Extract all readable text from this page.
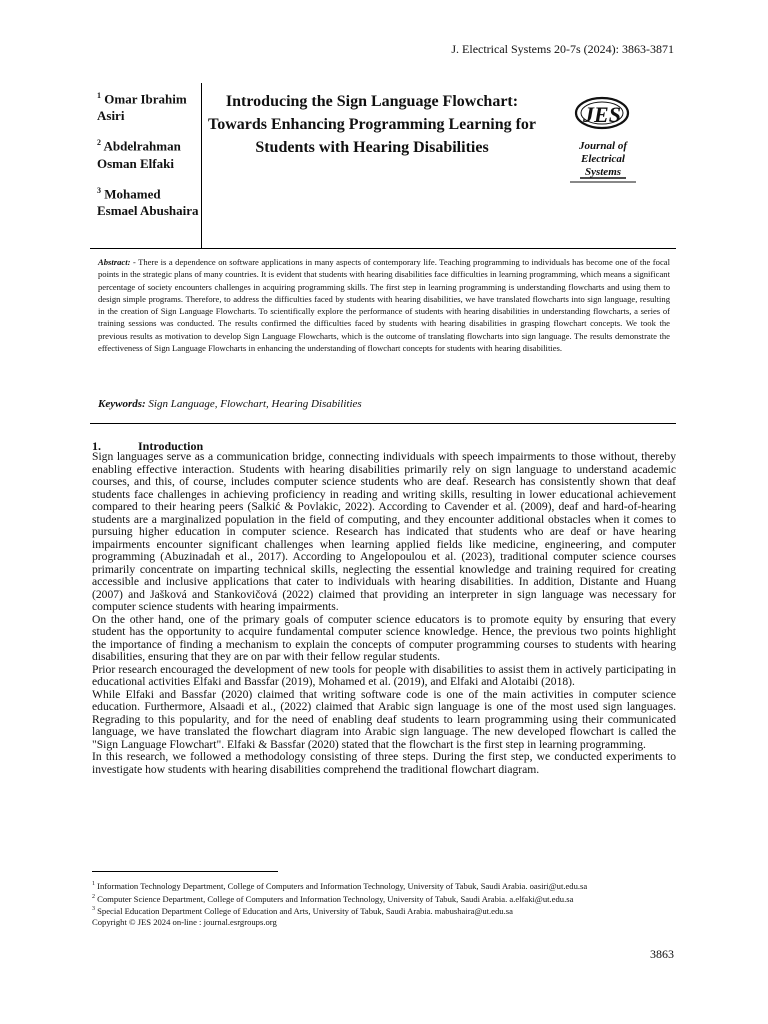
J. Electrical Systems 20-7s (2024): 3863-3871
$^1$ Omar Ibrahim Asiri
$^2$ Abdelrahman Osman Elfaki
$^3$ Mohamed Esmael Abushaira
Introducing the Sign Language Flowchart: Towards Enhancing Programming Learning for Students with Hearing Disabilities
JES
Journal of
Electrical
Systems
Abstract: - There is a dependence on software applications in many aspects of contemporary life. Teaching programming to individuals has become one of the focal points in the strategic plans of many countries. It is evident that students with hearing disabilities face difficulties in learning programming, which means a significant percentage of society encounters challenges in acquiring programming skills. The first step in learning programming is understanding flowcharts and using them to design simple programs. Therefore, to address the difficulties faced by students with hearing disabilities, we have translated flowcharts into sign language, resulting in the creation of Sign Language Flowcharts. To scientifically explore the performance of students with hearing disabilities in understanding flowcharts, a series of training sessions was conducted. The results confirmed the difficulties faced by students with hearing disabilities in grasping flowchart concepts. We took the previous results as motivation to develop Sign Language Flowcharts, which is the outcome of translating flowcharts into sign language. The results demonstrate the effectiveness of Sign Language Flowcharts in enhancing the understanding of flowchart concepts for students with hearing disabilities.
Keywords: Sign Language, Flowchart, Hearing Disabilities
1.	Introduction

Sign languages serve as a communication bridge, connecting individuals with speech impairments to those without, thereby enabling effective interaction. Students with hearing disabilities primarily rely on sign language to understand academic courses, and this, of course, includes computer science students who are deaf. Research has consistently shown that deaf students face challenges in achieving proficiency in reading and writing skills, resulting in lower educational achievement compared to their hearing peers (Salkić & Povlakic, 2022). According to Cavender et al. (2009), deaf and hard-of-hearing students are a marginalized population in the field of computing, and they encounter additional obstacles when it comes to pursuing higher education in computer science. Research has indicated that students who are deaf or have hearing impairments encounter significant challenges when learning applied fields like medicine, engineering, and computer programming (Abuzinadah et al., 2017). According to Angelopoulou et al. (2023), traditional computer science courses primarily concentrate on imparting technical skills, neglecting the essential knowledge and training required for creating accessible and inclusive applications that cater to individuals with hearing disabilities. In addition, Distante and Huang (2007) and Jašková and Stankovičová (2022) claimed that providing an interpreter in sign language was necessary for computer science students with hearing impairments.

On the other hand, one of the primary goals of computer science educators is to promote equity by ensuring that every student has the opportunity to acquire fundamental computer science knowledge. Hence, the previous two points highlight the importance of finding a mechanism to explain the concepts of computer programming courses to students with hearing disabilities, ensuring that they are on par with their fellow regular students.

Prior research encouraged the development of new tools for people with disabilities to assist them in actively participating in educational activities Elfaki and Bassfar (2019), Mohamed et al. (2019), and Elfaki and Alotaibi (2018).

While Elfaki and Bassfar (2020) claimed that writing software code is one of the main activities in computer science education. Furthermore, Alsaadi et al., (2022) claimed that Arabic sign language is one of the most used sign languages. Regrading to this popularity, and for the need of enabling deaf students to learn programming using their communicated language, we have translated the flowchart diagram into Arabic sign language. The new developed flowchart is called the "Sign Language Flowchart". Elfaki & Bassfar (2020) stated that the flowchart is the first step in learning programming.

In this research, we followed a methodology consisting of three steps. During the first step, we conducted experiments to investigate how students with hearing disabilities comprehend the traditional flowchart diagram.

$^1$ Information Technology Department, College of Computers and Information Technology, University of Tabuk, Saudi Arabia. oasiri@ut.edu.sa
$^2$ Computer Science Department, College of Computers and Information Technology, University of Tabuk, Saudi Arabia. a.elfaki@ut.edu.sa
$^3$ Special Education Department College of Education and Arts, University of Tabuk, Saudi Arabia. mabushaira@ut.edu.sa
Copyright © JES 2024 on-line : journal.esrgroups.org
3863
